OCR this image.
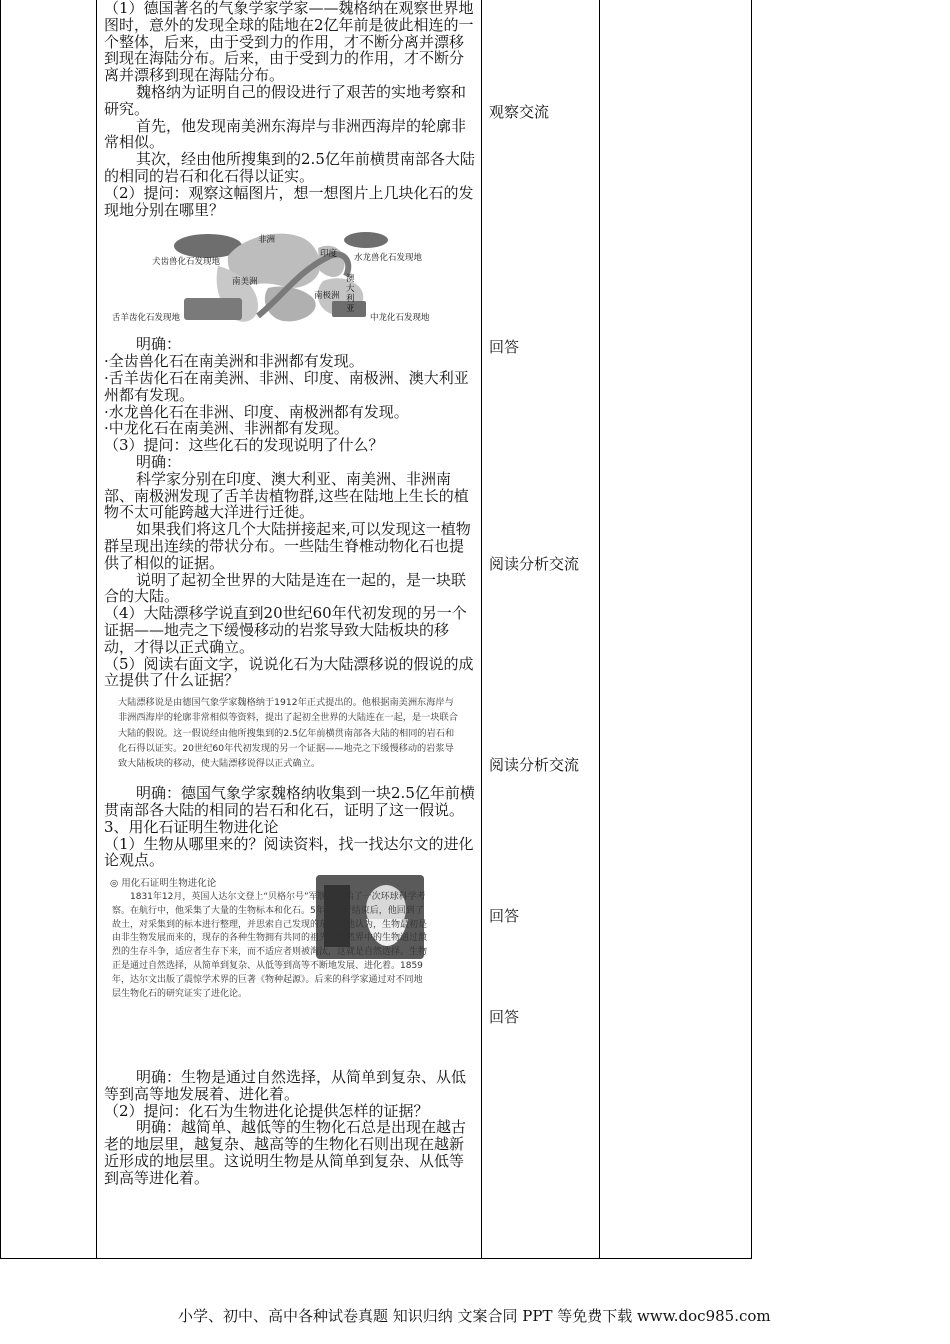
（1）德国著名的气象学家学家——魏格纳在观察世界地图时，意外的发现全球的陆地在2亿年前是彼此相连的一个整体，后来，由于受到力的作用，才不断分离并漂移到现在海陆分布。后来，由于受到力的作用，才不断分离并漂移到现在海陆分布。

魏格纳为证明自己的假设进行了艰苦的实地考察和研究。

首先，他发现南美洲东海岸与非洲西海岸的轮廓非常相似。

其次，经由他所搜集到的2.5亿年前横贯南部各大陆的相同的岩石和化石得以证实。

（2）提问：观察这幅图片，想一想图片上几块化石的发现地分别在哪里？

非洲
印度
南美洲
南极洲
澳大利亚
犬齿兽化石发现地	水龙兽化石发现地
舌羊齿化石发现地	中龙化石发现地

明确：

·全齿兽化石在南美洲和非洲都有发现。

·舌羊齿化石在南美洲、非洲、印度、南极洲、澳大利亚州都有发现。

·水龙兽化石在非洲、印度、南极洲都有发现。

·中龙化石在南美洲、非洲都有发现。

（3）提问：这些化石的发现说明了什么？

明确：

科学家分别在印度、澳大利亚、南美洲、非洲南部、南极洲发现了舌羊齿植物群,这些在陆地上生长的植物不太可能跨越大洋进行迁徙。

如果我们将这几个大陆拼接起来,可以发现这一植物群呈现出连续的带状分布。一些陆生脊椎动物化石也提供了相似的证据。

说明了起初全世界的大陆是连在一起的，是一块联合的大陆。

（4）大陆漂移学说直到20世纪60年代初发现的另一个证据——地壳之下缓慢移动的岩浆导致大陆板块的移动，才得以正式确立。

（5）阅读右面文字，说说化石为大陆漂移说的假说的成立提供了什么证据？

大陆漂移说是由德国气象学家魏格纳于1912年正式提出的。他根据南美洲东海岸与非洲西海岸的轮廓非常相似等资料，提出了起初全世界的大陆连在一起，是一块联合大陆的假说。这一假说经由他所搜集到的2.5亿年前横贯南部各大陆的相同的岩石和化石得以证实。20世纪60年代初发现的另一个证据——地壳之下缓慢移动的岩浆导致大陆板块的移动，使大陆漂移说得以正式确立。

明确：德国气象学家魏格纳收集到一块2.5亿年前横贯南部各大陆的相同的岩石和化石，证明了这一假说。

3、用化石证明生物进化论

（1）生物从哪里来的？阅读资料，找一找达尔文的进化论观点。

◎ 用化石证明生物进化论
1831年12月，英国人达尔文登上“贝格尔号”军舰，开始了一次环球科学考察。在航行中，他采集了大量的生物标本和化石。5年的航行结束后，他回到了故土，对采集到的标本进行整理，并思索自己发现的东西。他认为，生物最初是由非生物发展而来的，现存的各种生物拥有共同的祖先。自然界中的生物通过激烈的生存斗争，适应者生存下来，而不适应者则被淘汰，这就是自然选择。生物正是通过自然选择，从简单到复杂、从低等到高等不断地发展、进化着。1859年，达尔文出版了震惊学术界的巨著《物种起源》。后来的科学家通过对不同地层生物化石的研究证实了进化论。

明确：生物是通过自然选择，从简单到复杂、从低等到高等地发展着、进化着。

（2）提问：化石为生物进化论提供怎样的证据？

明确：越简单、越低等的生物化石总是出现在越古老的地层里，越复杂、越高等的生物化石则出现在越新近形成的地层里。这说明生物是从简单到复杂、从低等到高等进化着。

观察交流
回答
阅读分析交流
阅读分析交流
回答
回答
小学、初中、高中各种试卷真题 知识归纳 文案合同 PPT 等免费下载 www.doc985.com
